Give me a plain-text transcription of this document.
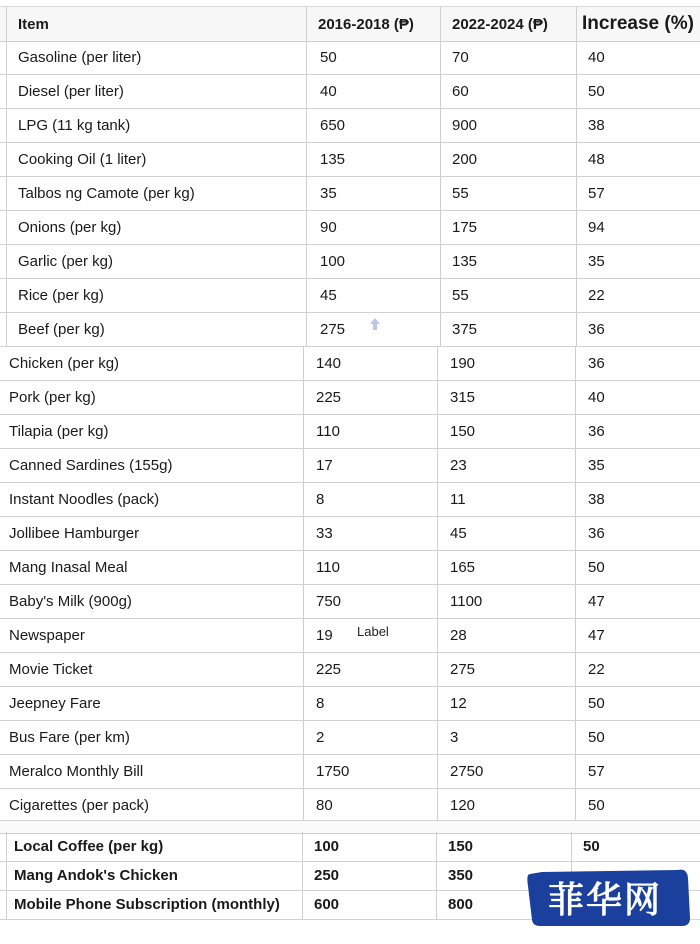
Item	2016-2018 (₱)	2022-2024 (₱)	Increase (%)
Gasoline (per liter)	50	70	40
Diesel (per liter)	40	60	50
LPG (11 kg tank)	650	900	38
Cooking Oil (1 liter)	135	200	48
Talbos ng Camote (per kg)	35	55	57
Onions (per kg)	90	175	94
Garlic (per kg)	100	135	35
Rice (per kg)	45	55	22
Beef (per kg)	275	375	36
Chicken (per kg)	140	190	36
Pork (per kg)	225	315	40
Tilapia (per kg)	110	150	36
Canned Sardines (155g)	17	23	35
Instant Noodles (pack)	8	11	38
Jollibee Hamburger	33	45	36
Mang Inasal Meal	110	165	50
Baby's Milk (900g)	750	1100	47
Newspaper	19	28	47
Movie Ticket	225	275	22
Jeepney Fare	8	12	50
Bus Fare (per km)	2	3	50
Meralco Monthly Bill	1750	2750	57
Cigarettes (per pack)	80	120	50
Local Coffee (per kg)	100	150	50
Mang Andok's Chicken	250	350
Mobile Phone Subscription (monthly)	600	800
Label
菲华网
